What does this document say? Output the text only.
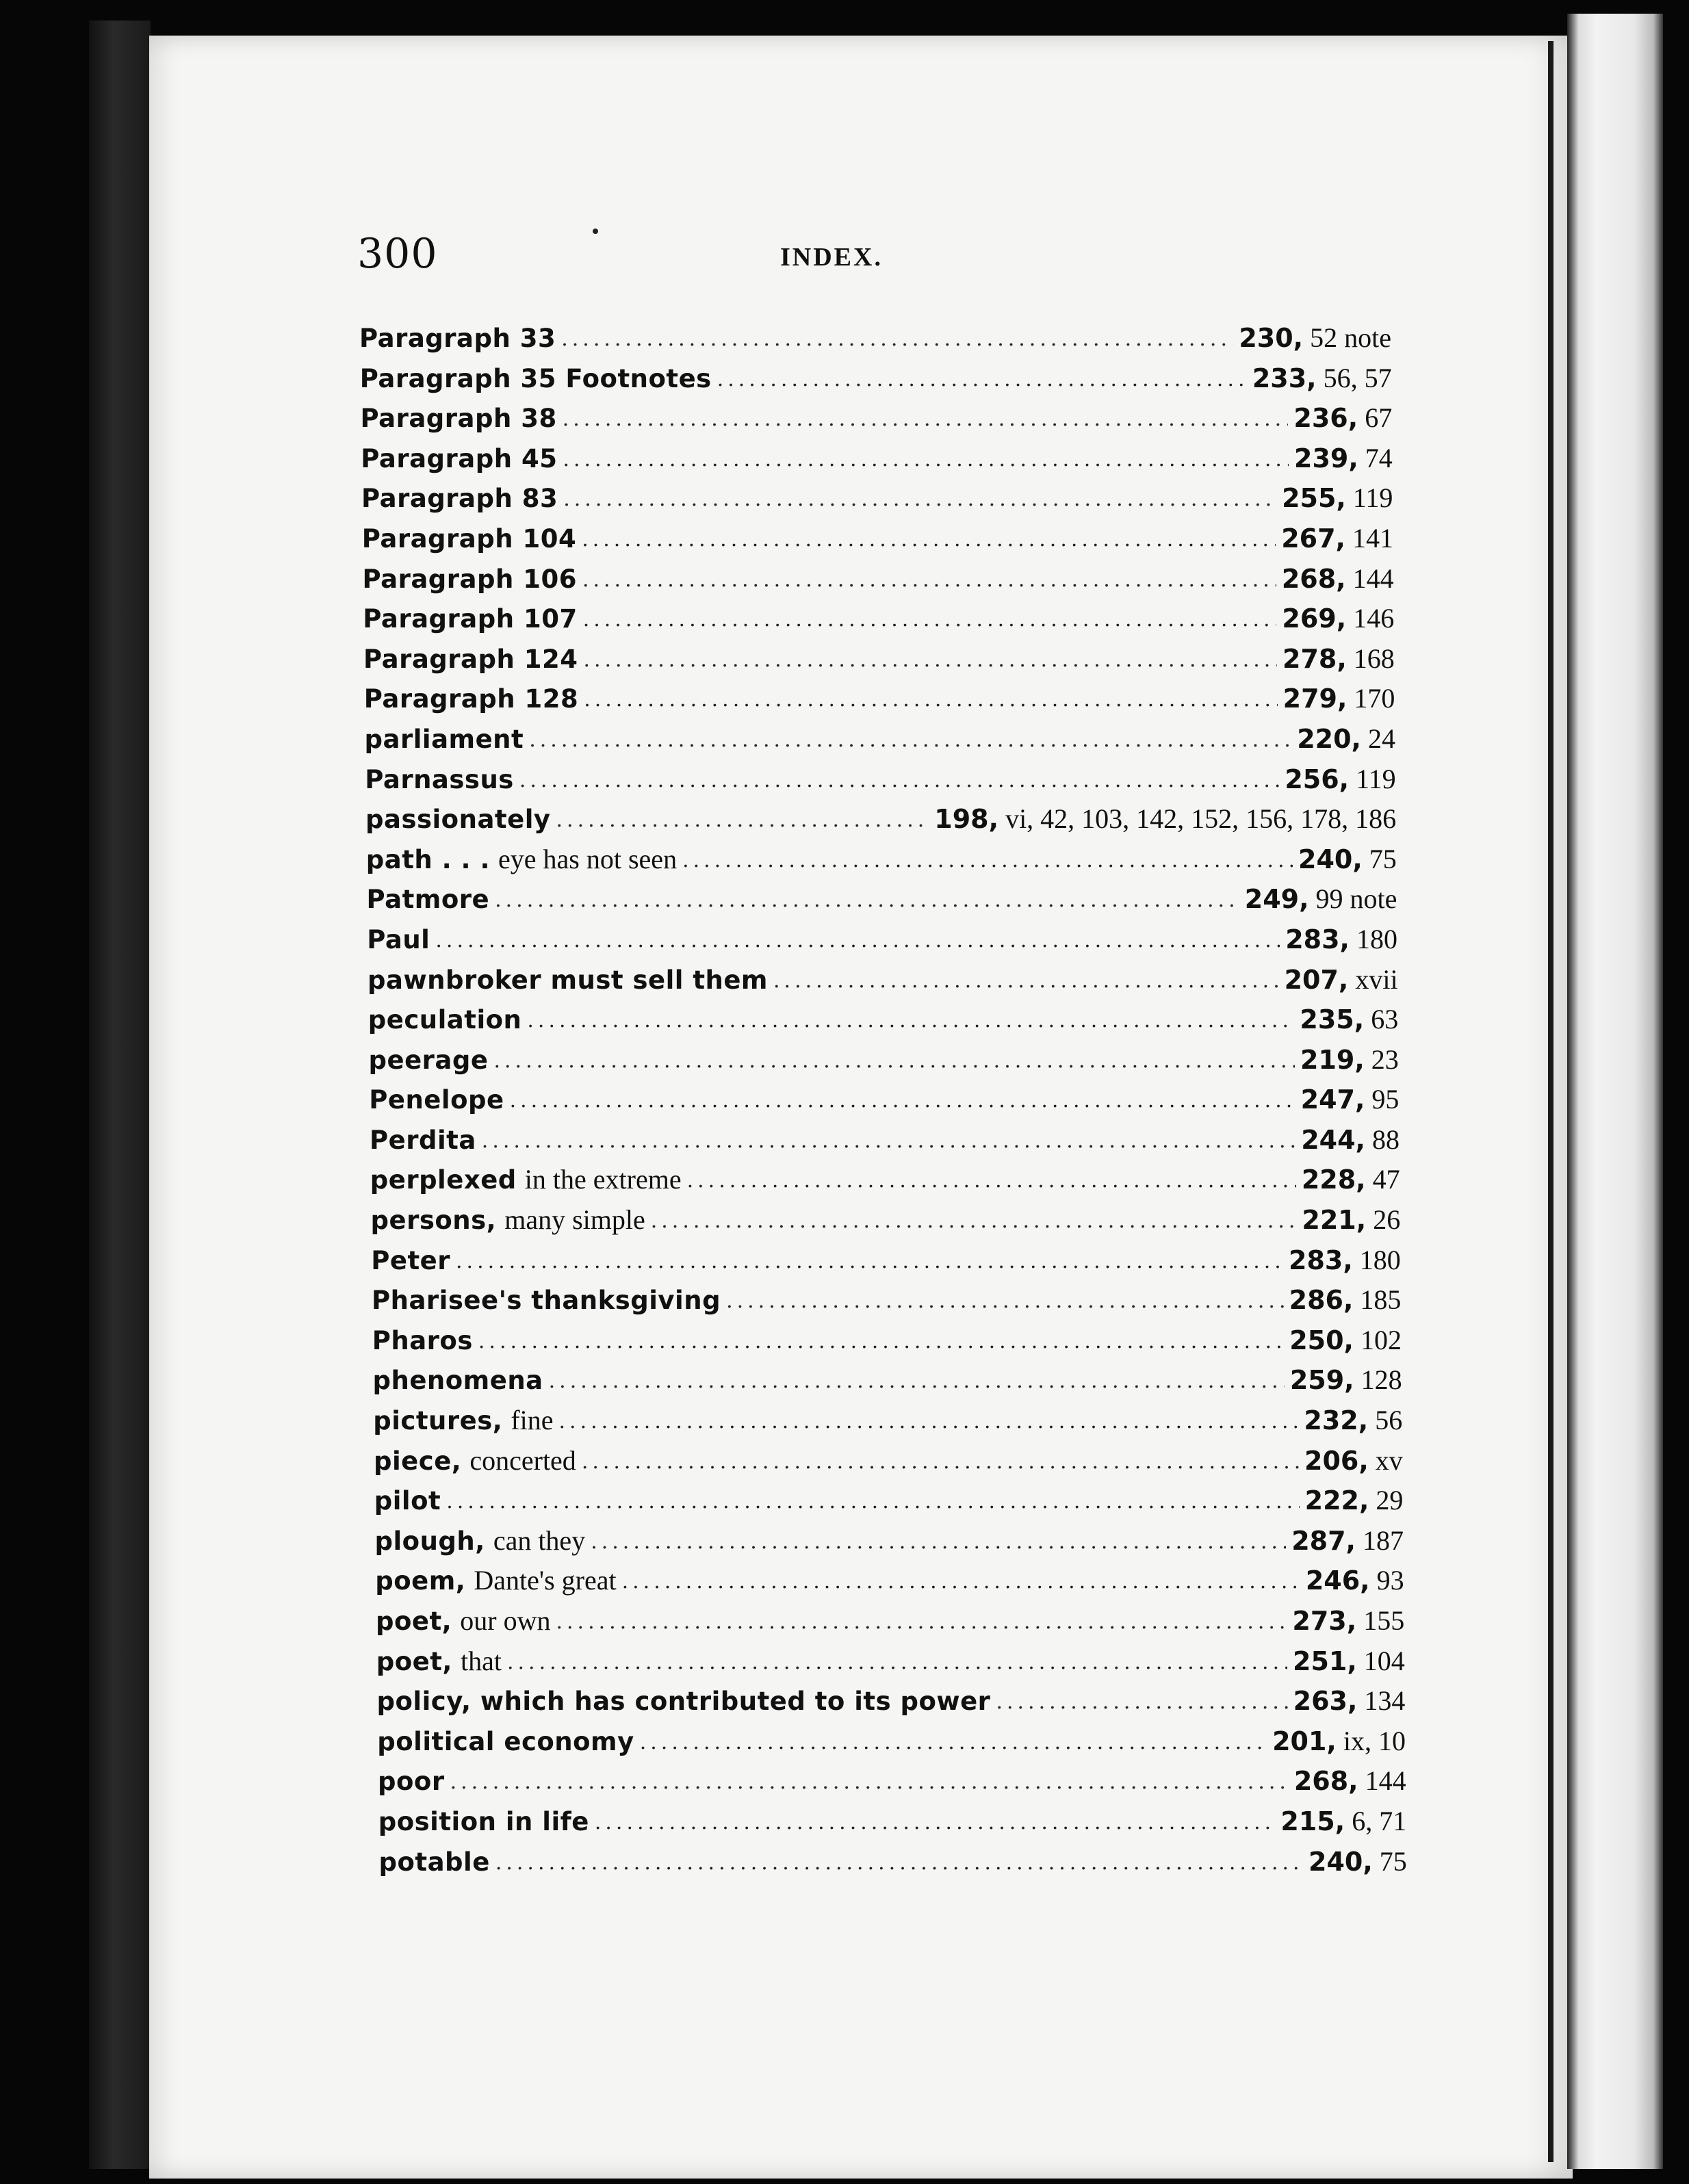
300	INDEX.
Paragraph 33 .....	230, 52 note
Paragraph 35 Footnotes .....	233, 56, 57
Paragraph 38 .....	236, 67
Paragraph 45 .....	239, 74
Paragraph 83 .....	255, 119
Paragraph 104 .....	267, 141
Paragraph 106 .....	268, 144
Paragraph 107 .....	269, 146
Paragraph 124 .....	278, 168
Paragraph 128 .....	279, 170
parliament .....	220, 24
Parnassus .....	256, 119
passionately .....	198, vi, 42, 103, 142, 152, 156, 178, 186
path . . . eye has not seen .....	240, 75
Patmore .....	249, 99 note
Paul .....	283, 180
pawnbroker must sell them .....	207, xvii
peculation .....	235, 63
peerage .....	219, 23
Penelope .....	247, 95
Perdita .....	244, 88
perplexed in the extreme .....	228, 47
persons, many simple .....	221, 26
Peter .....	283, 180
Pharisee's thanksgiving .....	286, 185
Pharos .....	250, 102
phenomena .....	259, 128
pictures, fine .....	232, 56
piece, concerted .....	206, xv
pilot .....	222, 29
plough, can they .....	287, 187
poem, Dante's great .....	246, 93
poet, our own .....	273, 155
poet, that .....	251, 104
policy, which has contributed to its power .....	263, 134
political economy .....	201, ix, 10
poor .....	268, 144
position in life .....	215, 6, 71
potable .....	240, 75
